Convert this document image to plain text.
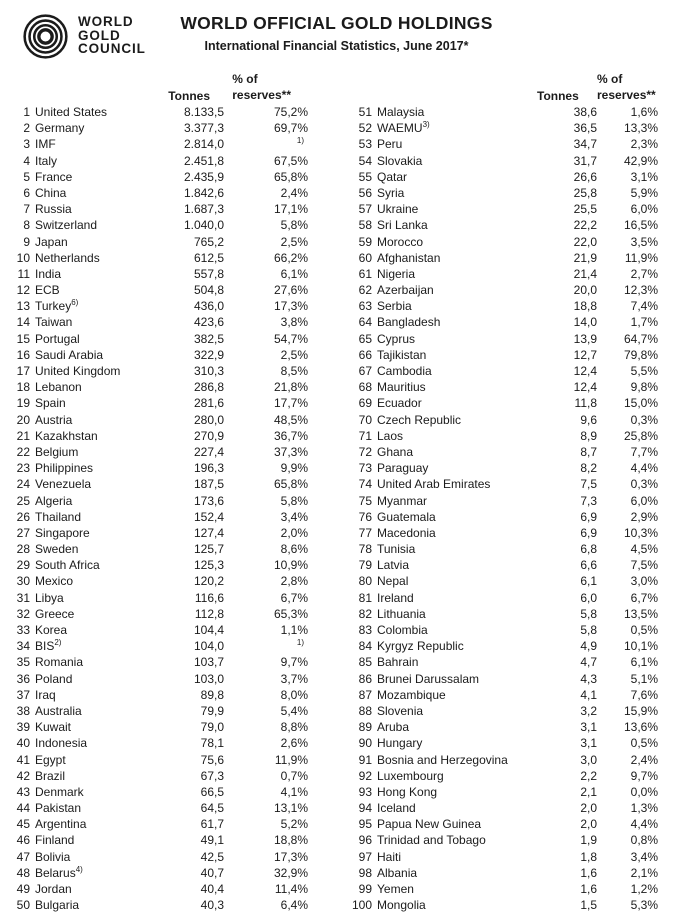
WORLD
GOLD
COUNCIL
WORLD OFFICIAL GOLD HOLDINGS
International Financial Statistics, June 2017*
Tonnes
% of
reserves**
1 United States	8.133,5	75,2%
2 Germany	3.377,3	69,7%
3 IMF	2.814,0	$^{1)}$
4 Italy	2.451,8	67,5%
5 France	2.435,9	65,8%
6 China	1.842,6	2,4%
7 Russia	1.687,3	17,1%
8 Switzerland	1.040,0	5,8%
9 Japan	765,2	2,5%
10 Netherlands	612,5	66,2%
11 India	557,8	6,1%
12 ECB	504,8	27,6%
13 Turkey$^{6)}$	436,0	17,3%
14 Taiwan	423,6	3,8%
15 Portugal	382,5	54,7%
16 Saudi Arabia	322,9	2,5%
17 United Kingdom	310,3	8,5%
18 Lebanon	286,8	21,8%
19 Spain	281,6	17,7%
20 Austria	280,0	48,5%
21 Kazakhstan	270,9	36,7%
22 Belgium	227,4	37,3%
23 Philippines	196,3	9,9%
24 Venezuela	187,5	65,8%
25 Algeria	173,6	5,8%
26 Thailand	152,4	3,4%
27 Singapore	127,4	2,0%
28 Sweden	125,7	8,6%
29 South Africa	125,3	10,9%
30 Mexico	120,2	2,8%
31 Libya	116,6	6,7%
32 Greece	112,8	65,3%
33 Korea	104,4	1,1%
34 BIS$^{2)}$	104,0	$^{1)}$
35 Romania	103,7	9,7%
36 Poland	103,0	3,7%
37 Iraq	89,8	8,0%
38 Australia	79,9	5,4%
39 Kuwait	79,0	8,8%
40 Indonesia	78,1	2,6%
41 Egypt	75,6	11,9%
42 Brazil	67,3	0,7%
43 Denmark	66,5	4,1%
44 Pakistan	64,5	13,1%
45 Argentina	61,7	5,2%
46 Finland	49,1	18,8%
47 Bolivia	42,5	17,3%
48 Belarus$^{4)}$	40,7	32,9%
49 Jordan	40,4	11,4%
50 Bulgaria	40,3	6,4%
Tonnes
% of
reserves**
51 Malaysia	38,6	1,6%
52 WAEMU$^{3)}$	36,5	13,3%
53 Peru	34,7	2,3%
54 Slovakia	31,7	42,9%
55 Qatar	26,6	3,1%
56 Syria	25,8	5,9%
57 Ukraine	25,5	6,0%
58 Sri Lanka	22,2	16,5%
59 Morocco	22,0	3,5%
60 Afghanistan	21,9	11,9%
61 Nigeria	21,4	2,7%
62 Azerbaijan	20,0	12,3%
63 Serbia	18,8	7,4%
64 Bangladesh	14,0	1,7%
65 Cyprus	13,9	64,7%
66 Tajikistan	12,7	79,8%
67 Cambodia	12,4	5,5%
68 Mauritius	12,4	9,8%
69 Ecuador	11,8	15,0%
70 Czech Republic	9,6	0,3%
71 Laos	8,9	25,8%
72 Ghana	8,7	7,7%
73 Paraguay	8,2	4,4%
74 United Arab Emirates	7,5	0,3%
75 Myanmar	7,3	6,0%
76 Guatemala	6,9	2,9%
77 Macedonia	6,9	10,3%
78 Tunisia	6,8	4,5%
79 Latvia	6,6	7,5%
80 Nepal	6,1	3,0%
81 Ireland	6,0	6,7%
82 Lithuania	5,8	13,5%
83 Colombia	5,8	0,5%
84 Kyrgyz Republic	4,9	10,1%
85 Bahrain	4,7	6,1%
86 Brunei Darussalam	4,3	5,1%
87 Mozambique	4,1	7,6%
88 Slovenia	3,2	15,9%
89 Aruba	3,1	13,6%
90 Hungary	3,1	0,5%
91 Bosnia and Herzegovina	3,0	2,4%
92 Luxembourg	2,2	9,7%
93 Hong Kong	2,1	0,0%
94 Iceland	2,0	1,3%
95 Papua New Guinea	2,0	4,4%
96 Trinidad and Tobago	1,9	0,8%
97 Haiti	1,8	3,4%
98 Albania	1,6	2,1%
99 Yemen	1,6	1,2%
100 Mongolia	1,5	5,3%
